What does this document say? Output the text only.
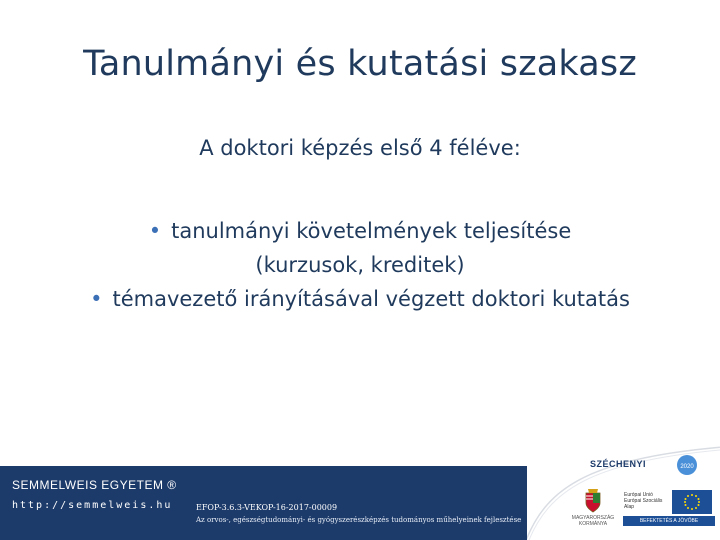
Tanulmányi és kutatási szakasz
A doktori képzés első 4 féléve:
• tanulmányi követelmények teljesítése
(kurzusok, kreditek)
• témavezető irányításával végzett doktori kutatás
SEMMELWEIS EGYETEM ®
http://semmelweis.hu	EFOP-3.6.3-VEKOP-16-2017-00009
Az orvos-, egészségtudományi- és gyógyszerészképzés tudományos műhelyeinek fejlesztése
SZÉCHENYI	2020
MAGYARORSZÁG KORMÁNYA
Európai Unió Európai Szociális Alap
BEFEKTETÉS A JÖVŐBE
